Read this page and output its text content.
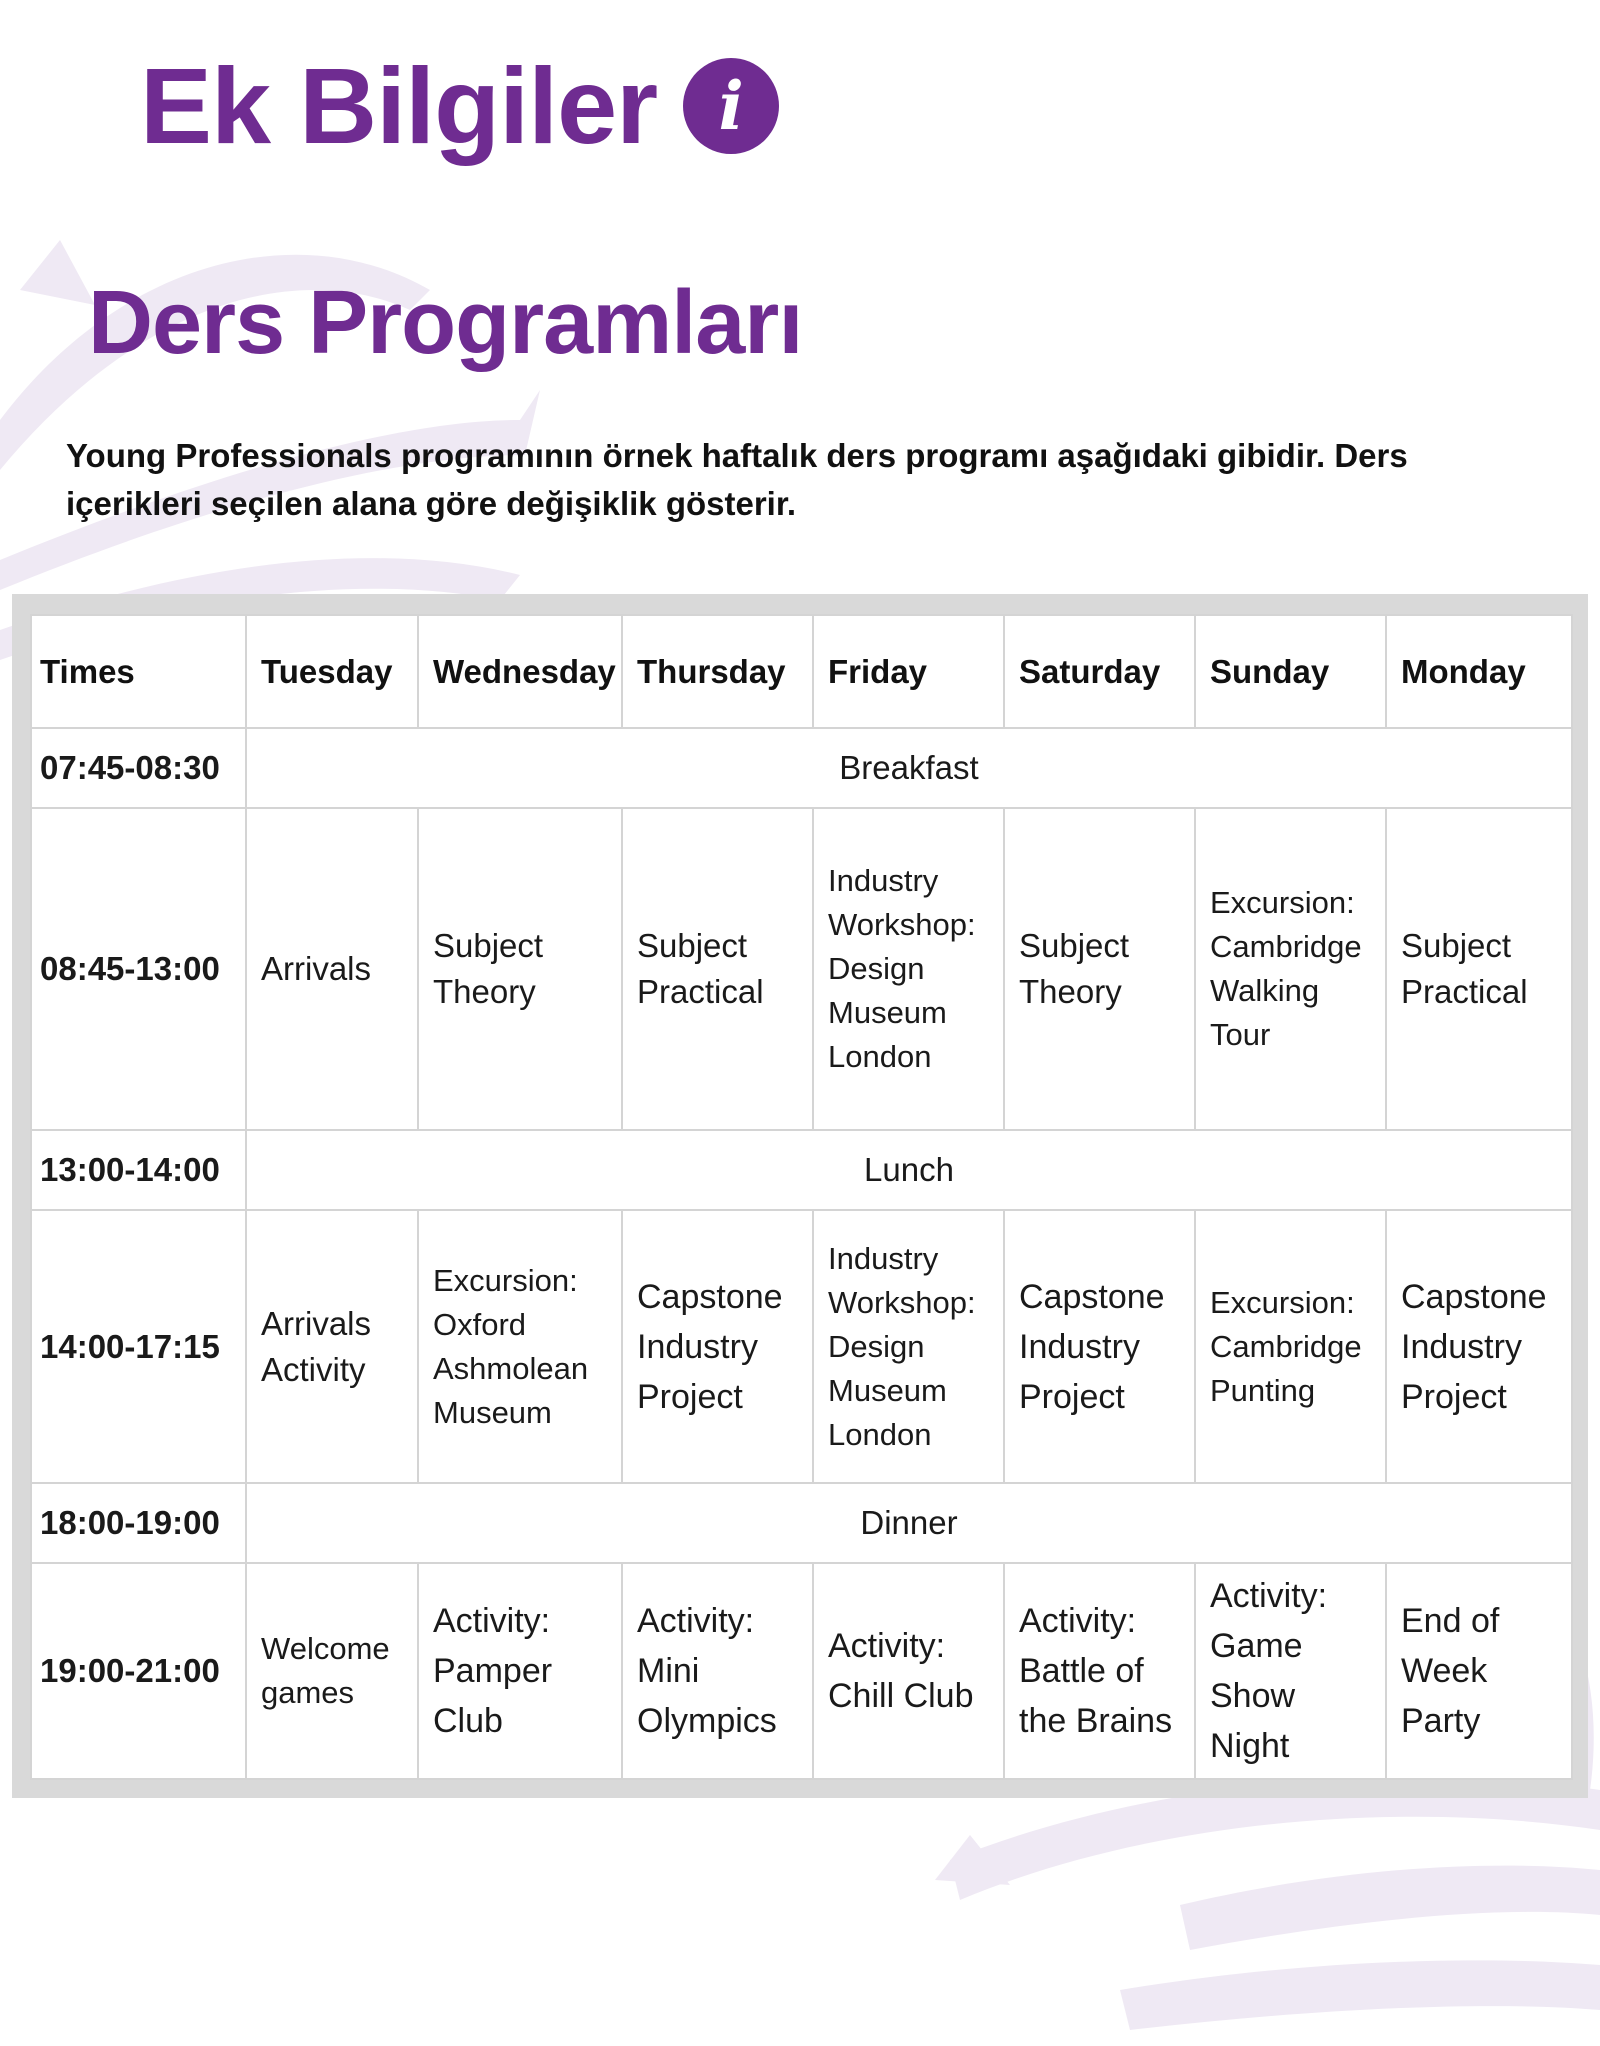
Ek Bilgiler i
Ders Programları

Young Professionals programının örnek haftalık ders programı aşağıdaki gibidir. Ders içerikleri seçilen alana göre değişiklik gösterir.

Times	Tuesday	Wednesday	Thursday	Friday	Saturday	Sunday	Monday
07:45-08:30	Breakfast						
08:45-13:00	Arrivals	Subject Theory	Subject Practical	Industry Workshop: Design Museum London	Subject Theory	Excursion: Cambridge Walking Tour	Subject Practical
13:00-14:00	Lunch						
14:00-17:15	Arrivals Activity	Excursion: Oxford Ashmolean Museum	Capstone Industry Project	Industry Workshop: Design Museum London	Capstone Industry Project	Excursion: Cambridge Punting	Capstone Industry Project
18:00-19:00	Dinner						
19:00-21:00	Welcome games	Activity: Pamper Club	Activity: Mini Olympics	Activity: Chill Club	Activity: Battle of the Brains	Activity: Game Show Night	End of Week Party
